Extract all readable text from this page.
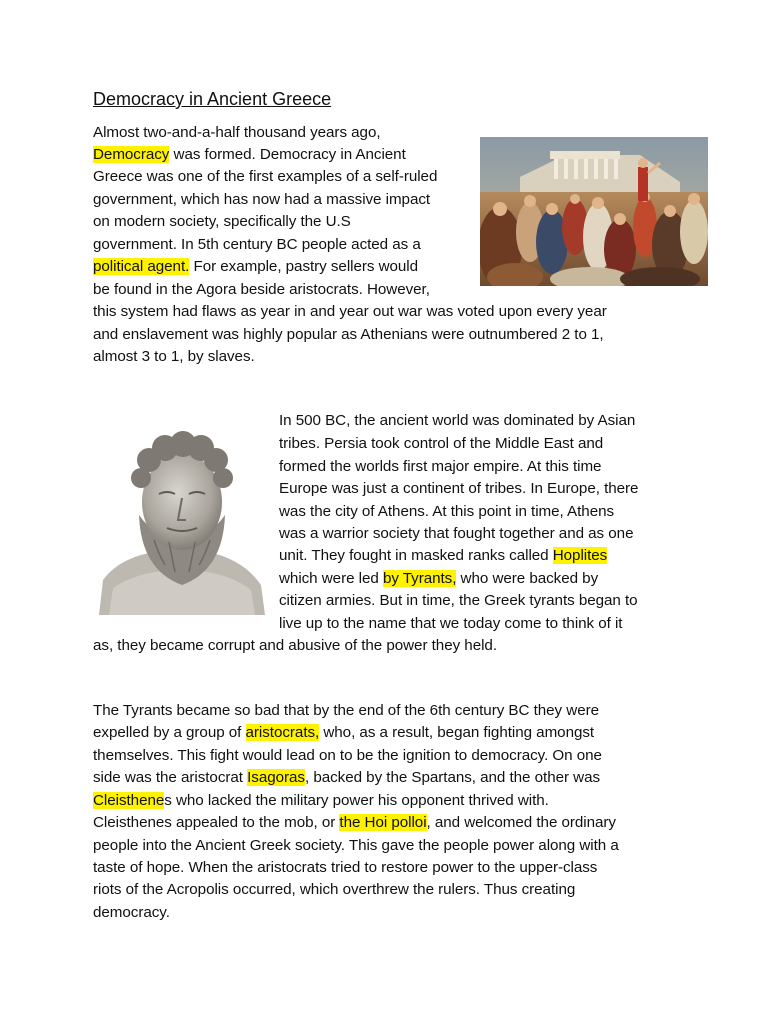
Democracy in Ancient Greece
Almost two-and-a-half thousand years ago,
Democracy was formed. Democracy in Ancient
Greece was one of the first examples of a self-ruled
government, which has now had a massive impact
on modern society, specifically the U.S
government. In 5th century BC people acted as a
political agent. For example, pastry sellers would
be found in the Agora beside aristocrats. However,
this system had flaws as year in and year out war was voted upon every year
and enslavement was highly popular as Athenians were outnumbered 2 to 1,
almost 3 to 1, by slaves.
In 500 BC, the ancient world was dominated by Asian
tribes. Persia took control of the Middle East and
formed the worlds first major empire. At this time
Europe was just a continent of tribes. In Europe, there
was the city of Athens. At this point in time, Athens
was a warrior society that fought together and as one
unit. They fought in masked ranks called Hoplites
which were led by Tyrants, who were backed by
citizen armies. But in time, the Greek tyrants began to
live up to the name that we today come to think of it
as, they became corrupt and abusive of the power they held.
The Tyrants became so bad that by the end of the 6th century BC they were
expelled by a group of aristocrats, who, as a result, began fighting amongst
themselves. This fight would lead on to be the ignition to democracy. On one
side was the aristocrat Isagoras, backed by the Spartans, and the other was
Cleisthenes who lacked the military power his opponent thrived with.
Cleisthenes appealed to the mob, or the Hoi polloi, and welcomed the ordinary
people into the Ancient Greek society. This gave the people power along with a
taste of hope. When the aristocrats tried to restore power to the upper-class
riots of the Acropolis occurred, which overthrew the rulers. Thus creating
democracy.
